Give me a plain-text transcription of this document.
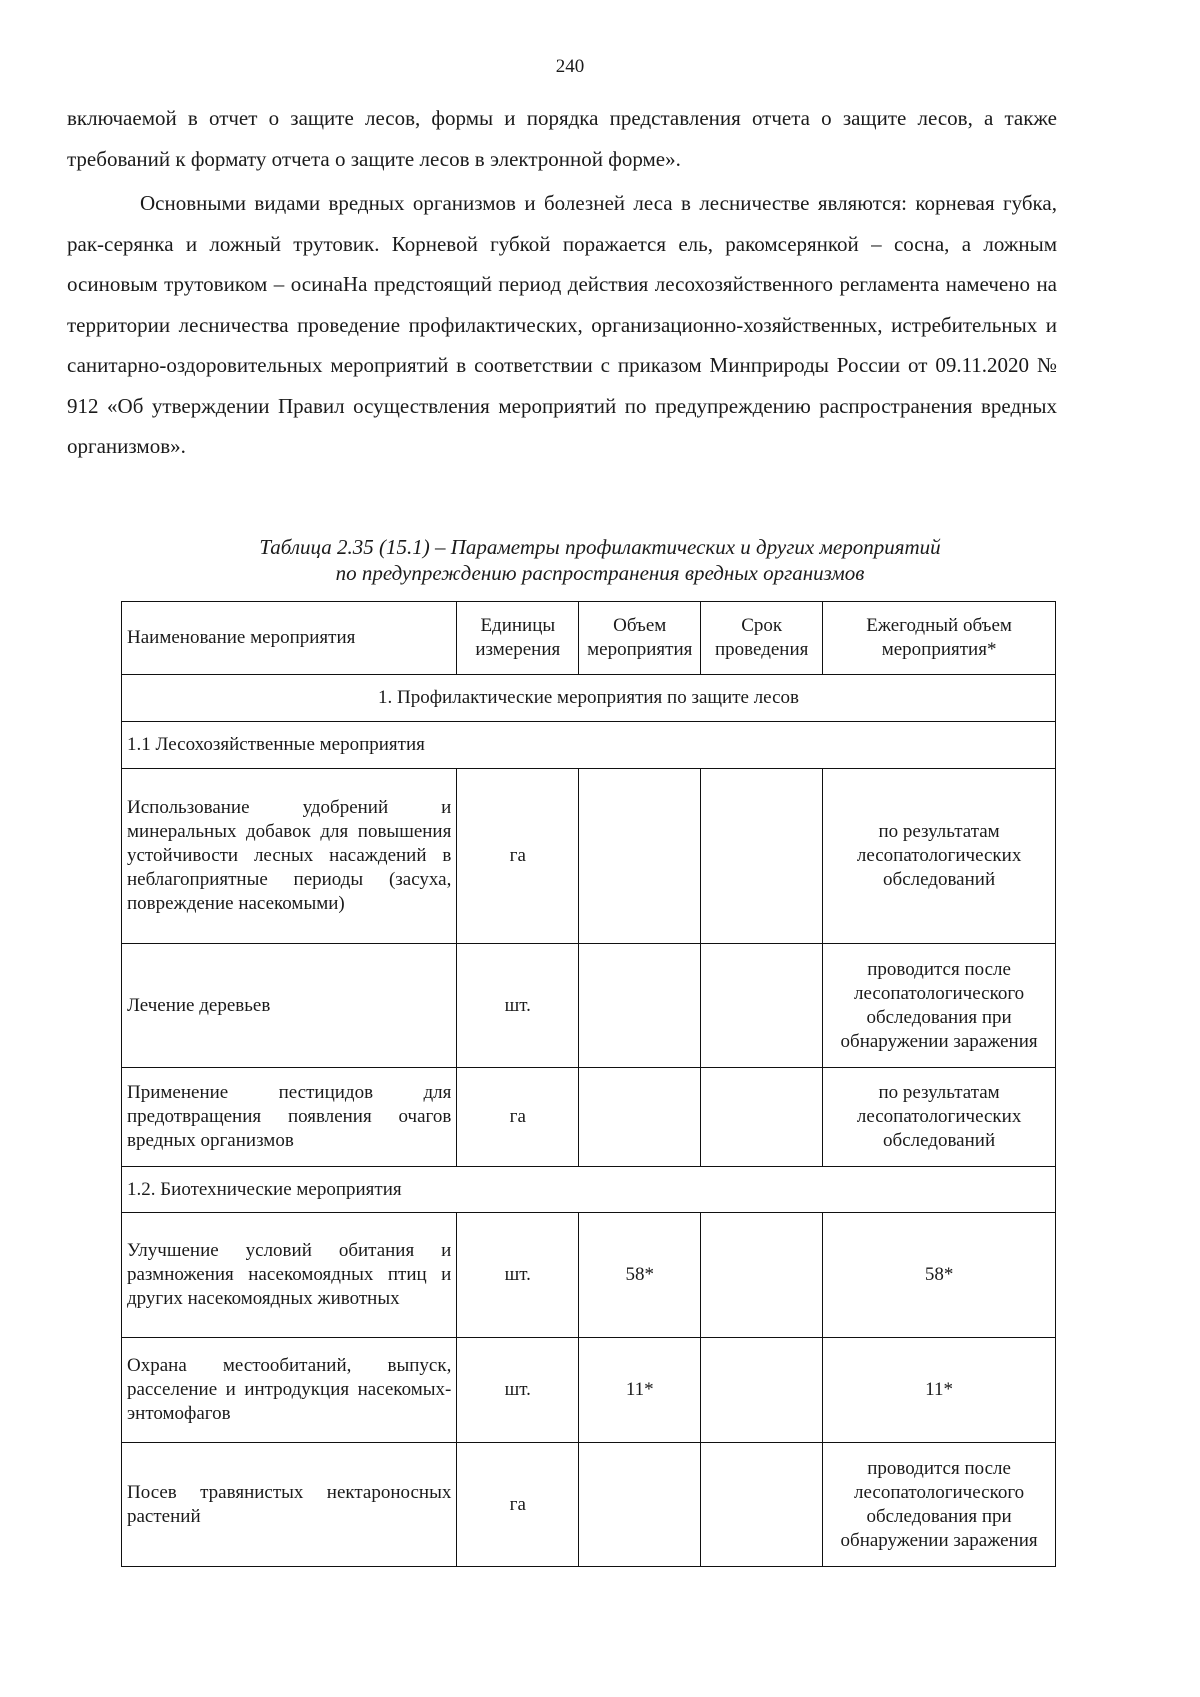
240

включаемой в отчет о защите лесов, формы и порядка представления отчета о защите лесов, а также требований к формату отчета о защите лесов в электронной форме».

Основными видами вредных организмов и болезней леса в лесничестве являются: корневая губка, рак-серянка и ложный трутовик. Корневой губкой поражается ель, ракомсерянкой – сосна, а ложным осиновым трутовиком – осинаНа предстоящий период действия лесохозяйственного регламента намечено на территории лесничества проведение профилактических, организационно-хозяйственных, истребительных и санитарно-оздоровительных мероприятий в соответствии с приказом Минприроды России от 09.11.2020 № 912 «Об утверждении Правил осуществления мероприятий по предупреждению распространения вредных организмов».

Таблица 2.35 (15.1) – Параметры профилактических и других мероприятий
по предупреждению распространения вредных организмов
Наименование мероприятия	Единицы измерения	Объем мероприятия	Срок проведения	Ежегодный объем мероприятия*
1. Профилактические мероприятия по защите лесов				
1.1 Лесохозяйственные мероприятия				
Использование удобрений и минеральных добавок для повышения устойчивости лесных насаждений в неблагоприятные периоды (засуха, повреждение насекомыми)	га			по результатам лесопатологических обследований
Лечение деревьев	шт.			проводится после лесопатологического обследования при обнаружении заражения
Применение пестицидов для предотвращения появления очагов вредных организмов	га			по результатам лесопатологических обследований
1.2. Биотехнические мероприятия				
Улучшение условий обитания и размножения насекомоядных птиц и других насекомоядных животных	шт.	58*		58*
Охрана местообитаний, выпуск, расселение и интродукция насекомых-энтомофагов	шт.	11*		11*
Посев травянистых нектароносных растений	га			проводится после лесопатологического обследования при обнаружении заражения
